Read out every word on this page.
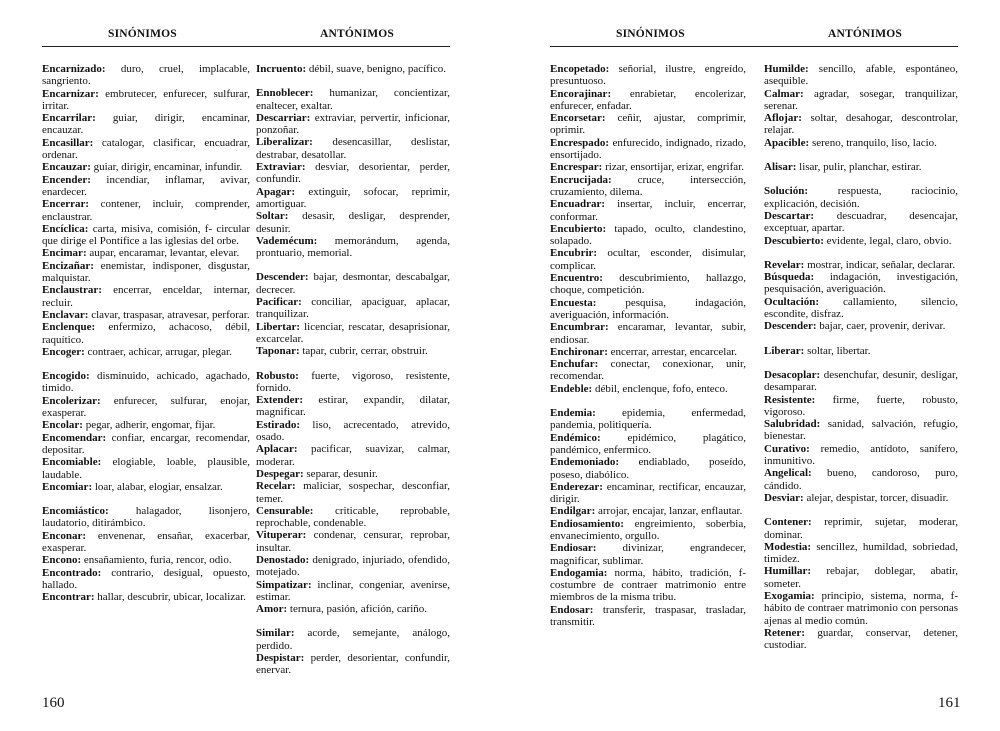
SINÓNIMOS	ANTÓNIMOS
Encarnizado: duro, cruel, implacable, sangriento.
Encarnizar: embrutecer, enfurecer, sulfurar, irritar.
Encarrilar: guiar, dirigir, encaminar, encauzar.
Encasillar: catalogar, clasificar, encuadrar, ordenar.
Encauzar: guiar, dirigir, encaminar, infundir.
Encender: incendiar, inflamar, avivar, enardecer.
Encerrar: contener, incluir, comprender, enclaustrar.
Encíclica: carta, misiva, comisión, f- circular que dirige el Pontífice a las iglesias del orbe.
Encimar: aupar, encaramar, levantar, elevar.
Encizañar: enemistar, indisponer, disgustar, malquistar.
Enclaustrar: encerrar, enceldar, internar, recluir.
Enclavar: clavar, traspasar, atravesar, perforar.
Enclenque: enfermizo, achacoso, débil, raquítico.
Encoger: contraer, achicar, arrugar, plegar.
Encogido: disminuido, achicado, agachado, timido.
Encolerizar: enfurecer, sulfurar, enojar, exasperar.
Encolar: pegar, adherir, engomar, fijar.
Encomendar: confiar, encargar, recomendar, depositar.
Encomiable: elogiable, loable, plausible, laudable.
Encomiar: loar, alabar, elogiar, ensalzar.
Encomiástico: halagador, lisonjero, laudatorio, ditirámbico.
Enconar: envenenar, ensañar, exacerbar, exasperar.
Encono: ensañamiento, furia, rencor, odio.
Encontrado: contrario, desigual, opuesto, hallado.
Encontrar: hallar, descubrir, ubicar, localizar.
Incruento: débil, suave, benigno, pacífico.
Ennoblecer: humanizar, concientizar, enaltecer, exaltar.
Descarriar: extraviar, pervertir, inficionar, ponzoñar.
Liberalizar: desencasillar, deslistar, destrabar, desatollar.
Extraviar: desviar, desorientar, perder, confundir.
Apagar: extinguir, sofocar, reprimir, amortiguar.
Soltar: desasir, desligar, desprender, desunir.
Vademécum: memorándum, agenda, prontuario, memorial.
Descender: bajar, desmontar, descabalgar, decrecer.
Pacificar: conciliar, apaciguar, aplacar, tranquilizar.
Libertar: licenciar, rescatar, desaprisionar, excarcelar.
Taponar: tapar, cubrir, cerrar, obstruir.
Robusto: fuerte, vigoroso, resistente, fornido.
Extender: estirar, expandir, dilatar, magnificar.
Estirado: liso, acrecentado, atrevido, osado.
Aplacar: pacificar, suavizar, calmar, moderar.
Despegar: separar, desunir.
Recelar: maliciar, sospechar, desconfiar, temer.
Censurable: criticable, reprobable, reprochable, condenable.
Vituperar: condenar, censurar, reprobar, insultar.
Denostado: denigrado, injuriado, ofendido, motejado.
Simpatizar: inclinar, congeniar, avenirse, estimar.
Amor: ternura, pasión, afición, cariño.
Similar: acorde, semejante, análogo, perdido.
Despistar: perder, desorientar, confundir, enervar.
160
SINÓNIMOS	ANTÓNIMOS
Encopetado: señorial, ilustre, engreído, presuntuoso.
Encorajinar: enrabietar, encolerizar, enfurecer, enfadar.
Encorsetar: ceñir, ajustar, comprimir, oprimir.
Encrespado: enfurecido, indignado, rizado, ensortijado.
Encrespar: rizar, ensortijar, erizar, engrifar.
Encrucijada: cruce, intersección, cruzamiento, dilema.
Encuadrar: insertar, incluir, encerrar, conformar.
Encubierto: tapado, oculto, clandestino, solapado.
Encubrir: ocultar, esconder, disimular, complicar.
Encuentro: descubrimiento, hallazgo, choque, competición.
Encuesta: pesquisa, indagación, averiguación, información.
Encumbrar: encaramar, levantar, subir, endiosar.
Enchironar: encerrar, arrestar, encarcelar.
Enchufar: conectar, conexionar, unir, recomendar.
Endeble: débil, enclenque, fofo, enteco.
Endemia: epidemia, enfermedad, pandemia, politiquería.
Endémico: epidémico, plagático, pandémico, enfermico.
Endemoniado: endiablado, poseído, poseso, diabólico.
Enderezar: encaminar, rectificar, encauzar, dirigir.
Endilgar: arrojar, encajar, lanzar, enflautar.
Endiosamiento: engreimiento, soberbia, envanecimiento, orgullo.
Endiosar: divinizar, engrandecer, magnificar, sublimar.
Endogamia: norma, hábito, tradición, f- costumbre de contraer matrimonio entre miembros de la misma tribu.
Endosar: transferir, traspasar, trasladar, transmitir.
Humilde: sencillo, afable, espontáneo, asequible.
Calmar: agradar, sosegar, tranquilizar, serenar.
Aflojar: soltar, desahogar, descontrolar, relajar.
Apacible: sereno, tranquilo, liso, lacio.
Alisar: lisar, pulir, planchar, estirar.
Solución: respuesta, raciocinio, explicación, decisión.
Descartar: descuadrar, desencajar, exceptuar, apartar.
Descubierto: evidente, legal, claro, obvio.
Revelar: mostrar, indicar, señalar, declarar.
Búsqueda: indagación, investigación, pesquisación, averiguación.
Ocultación: callamiento, silencio, escondite, disfraz.
Descender: bajar, caer, provenir, derivar.
Liberar: soltar, libertar.
Desacoplar: desenchufar, desunir, desligar, desamparar.
Resistente: firme, fuerte, robusto, vigoroso.
Salubridad: sanidad, salvación, refugio, bienestar.
Curativo: remedio, antídoto, sanífero, inmunitivo.
Angelical: bueno, candoroso, puro, cándido.
Desviar: alejar, despistar, torcer, disuadir.
Contener: reprimir, sujetar, moderar, dominar.
Modestia: sencillez, humildad, sobriedad, timidez.
Humillar: rebajar, doblegar, abatir, someter.
Exogamia: principio, sistema, norma, f- hábito de contraer matrimonio con personas ajenas al medio común.
Retener: guardar, conservar, detener, custodiar.
161
